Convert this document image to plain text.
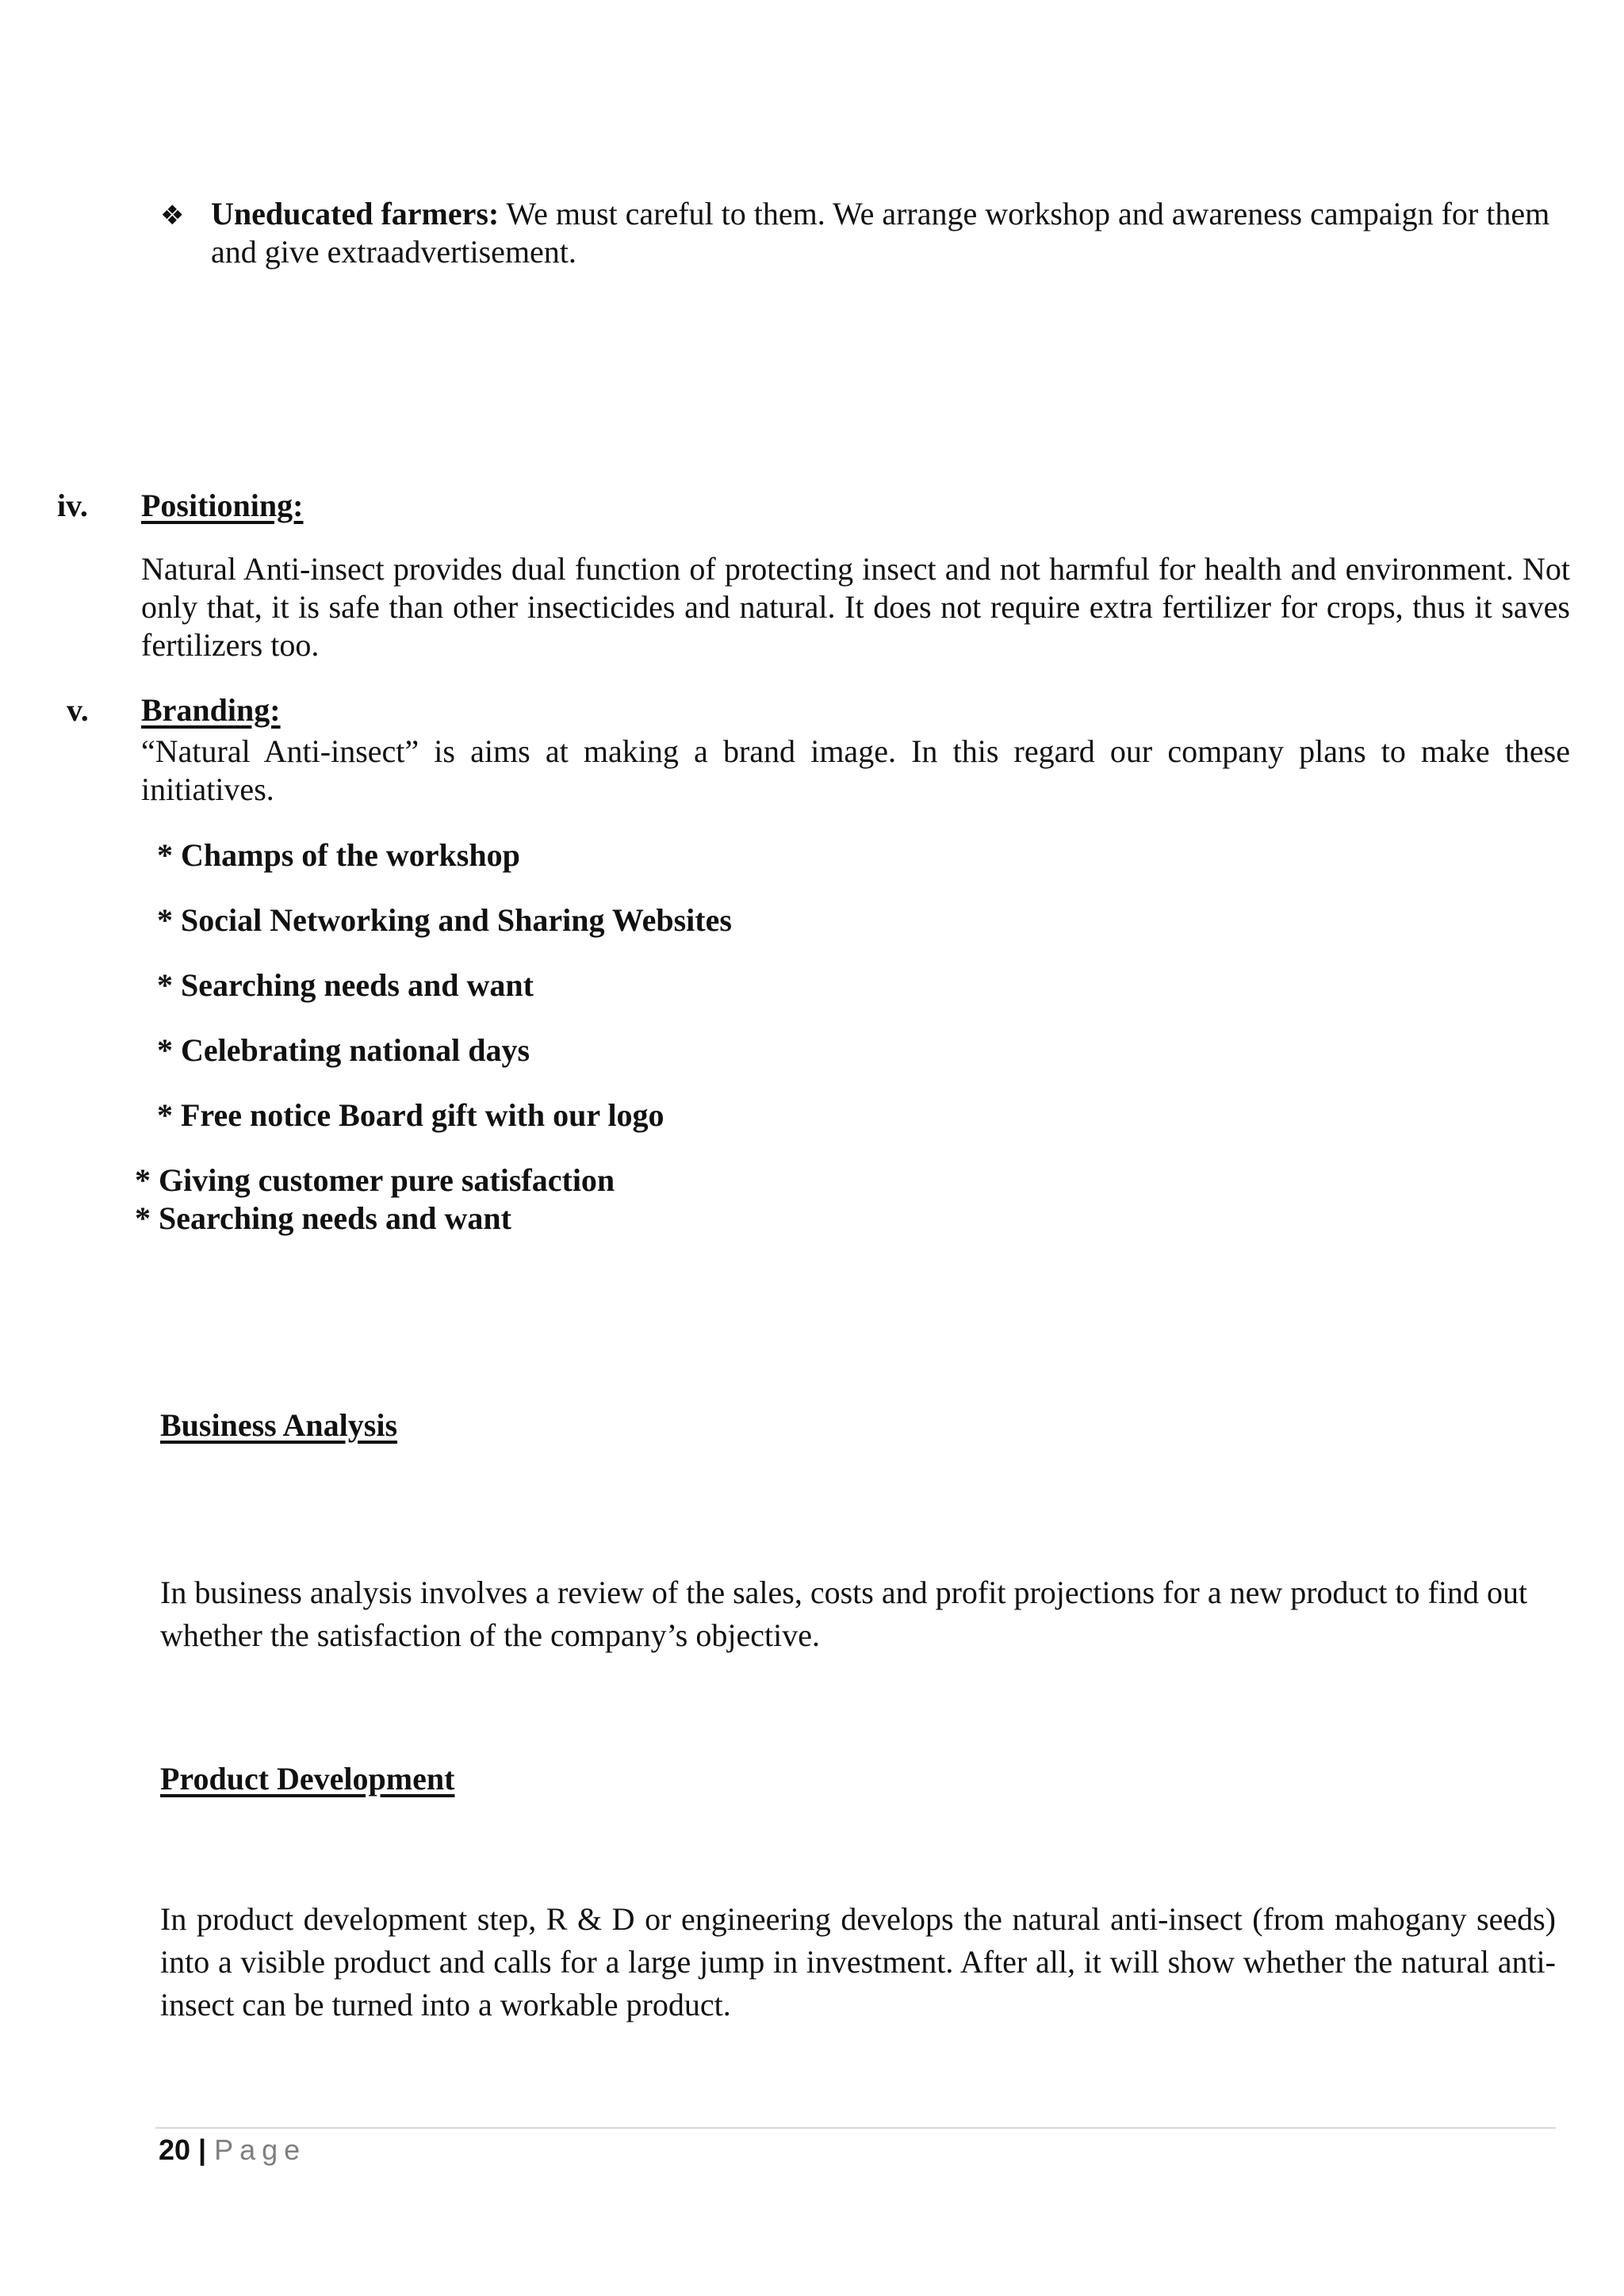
❖ Uneducated farmers: We must careful to them. We arrange workshop and awareness campaign for them and give extraadvertisement.
iv. Positioning:
Natural Anti-insect provides dual function of protecting insect and not harmful for health and environment. Not only that, it is safe than other insecticides and natural. It does not require extra fertilizer for crops, thus it saves fertilizers too.
v. Branding:
“Natural Anti-insect” is aims at making a brand image. In this regard our company plans to make these initiatives.
* Champs of the workshop
* Social Networking and Sharing Websites
* Searching needs and want
* Celebrating national days
* Free notice Board gift with our logo
* Giving customer pure satisfaction
* Searching needs and want
Business Analysis
In business analysis involves a review of the sales, costs and profit projections for a new product to find out whether the satisfaction of the company’s objective.
Product Development
In product development step, R & D or engineering develops the natural anti-insect (from mahogany seeds) into a visible product and calls for a large jump in investment. After all, it will show whether the natural anti-insect can be turned into a workable product.
20 | Page
